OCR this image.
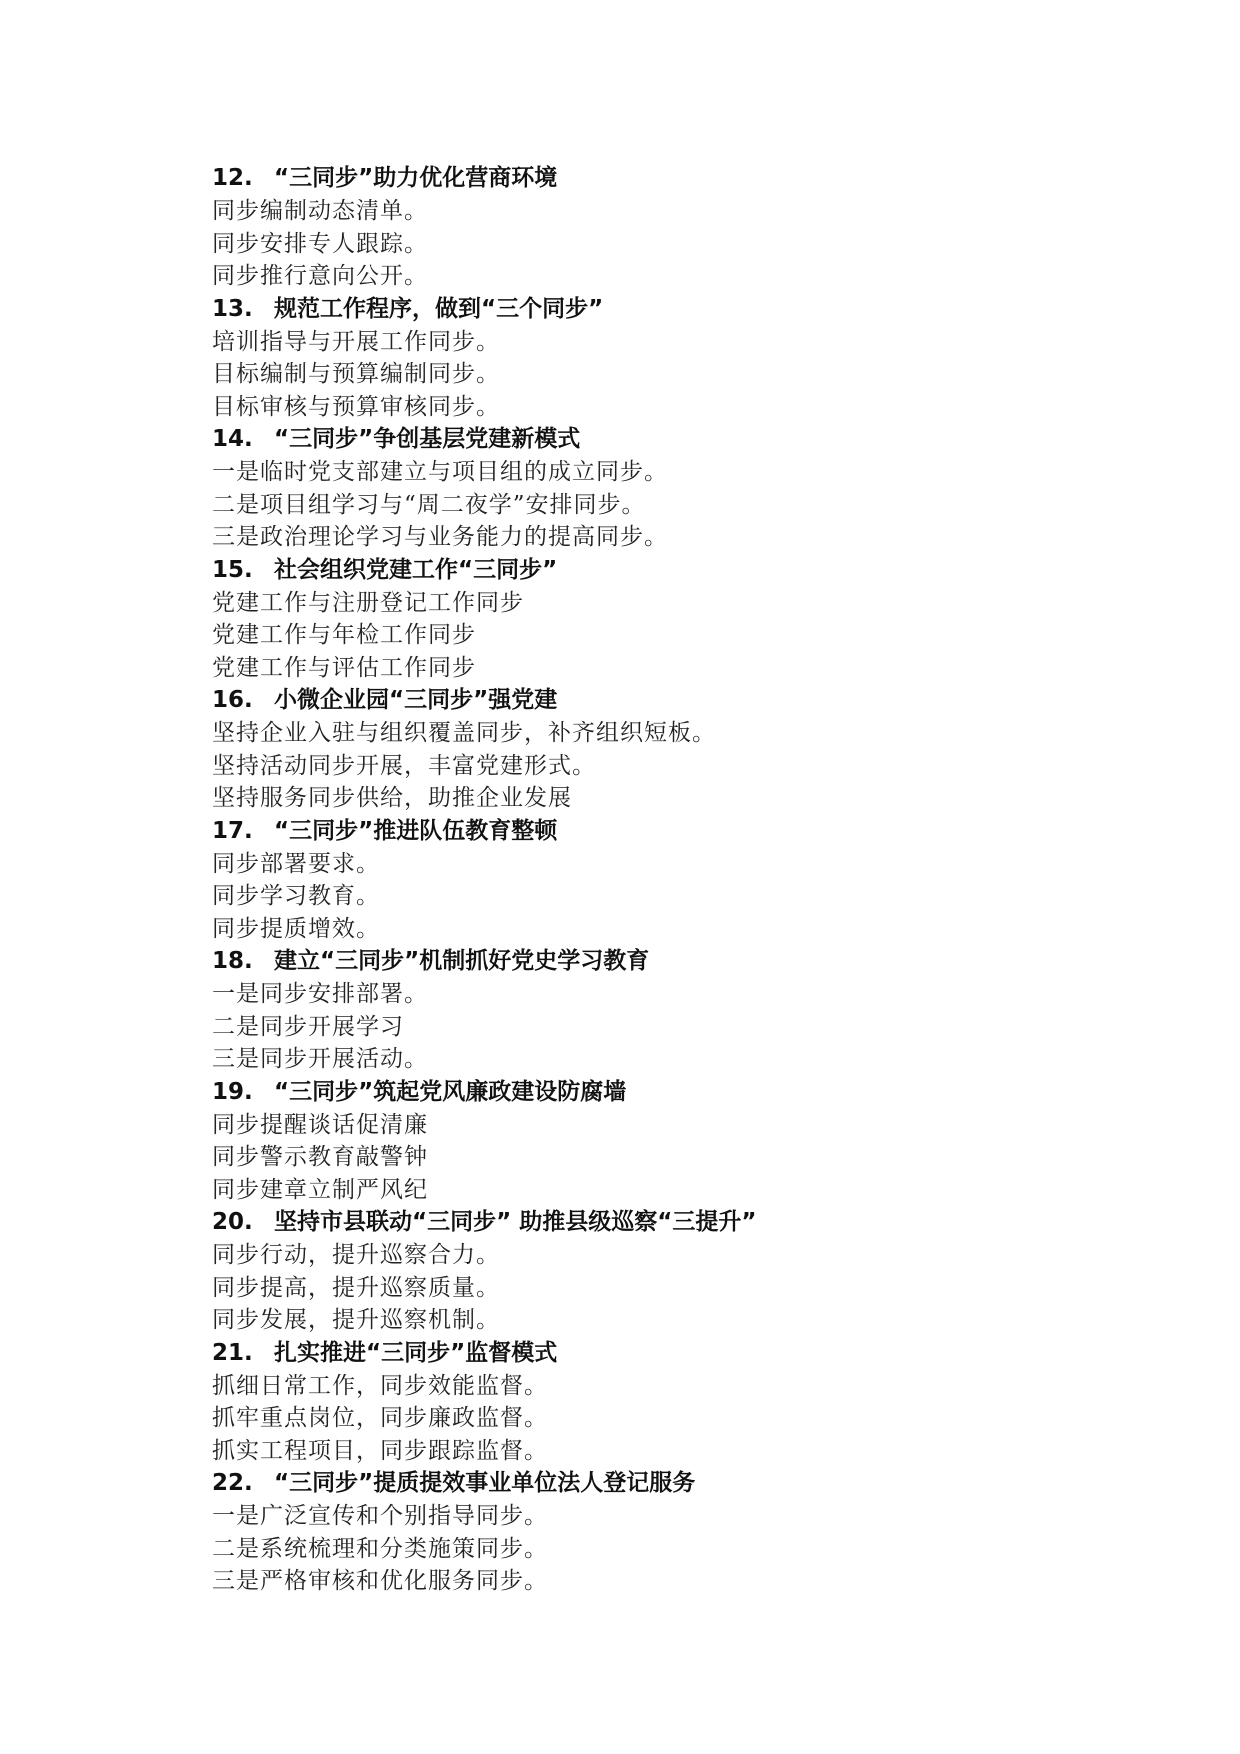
12. “三同步”助力优化营商环境
同步编制动态清单。
同步安排专人跟踪。
同步推行意向公开。
13. 规范工作程序，做到“三个同步”
培训指导与开展工作同步。
目标编制与预算编制同步。
目标审核与预算审核同步。
14. “三同步”争创基层党建新模式
一是临时党支部建立与项目组的成立同步。
二是项目组学习与“周二夜学”安排同步。
三是政治理论学习与业务能力的提高同步。
15. 社会组织党建工作“三同步”
党建工作与注册登记工作同步
党建工作与年检工作同步
党建工作与评估工作同步
16. 小微企业园“三同步”强党建
坚持企业入驻与组织覆盖同步，补齐组织短板。
坚持活动同步开展，丰富党建形式。
坚持服务同步供给，助推企业发展
17. “三同步”推进队伍教育整顿
同步部署要求。
同步学习教育。
同步提质增效。
18. 建立“三同步”机制抓好党史学习教育
一是同步安排部署。
二是同步开展学习
三是同步开展活动。
19. “三同步”筑起党风廉政建设防腐墙
同步提醒谈话促清廉
同步警示教育敲警钟
同步建章立制严风纪
20. 坚持市县联动“三同步” 助推县级巡察“三提升”
同步行动，提升巡察合力。
同步提高，提升巡察质量。
同步发展，提升巡察机制。
21. 扎实推进“三同步”监督模式
抓细日常工作，同步效能监督。
抓牢重点岗位，同步廉政监督。
抓实工程项目，同步跟踪监督。
22. “三同步”提质提效事业单位法人登记服务
一是广泛宣传和个别指导同步。
二是系统梳理和分类施策同步。
三是严格审核和优化服务同步。
